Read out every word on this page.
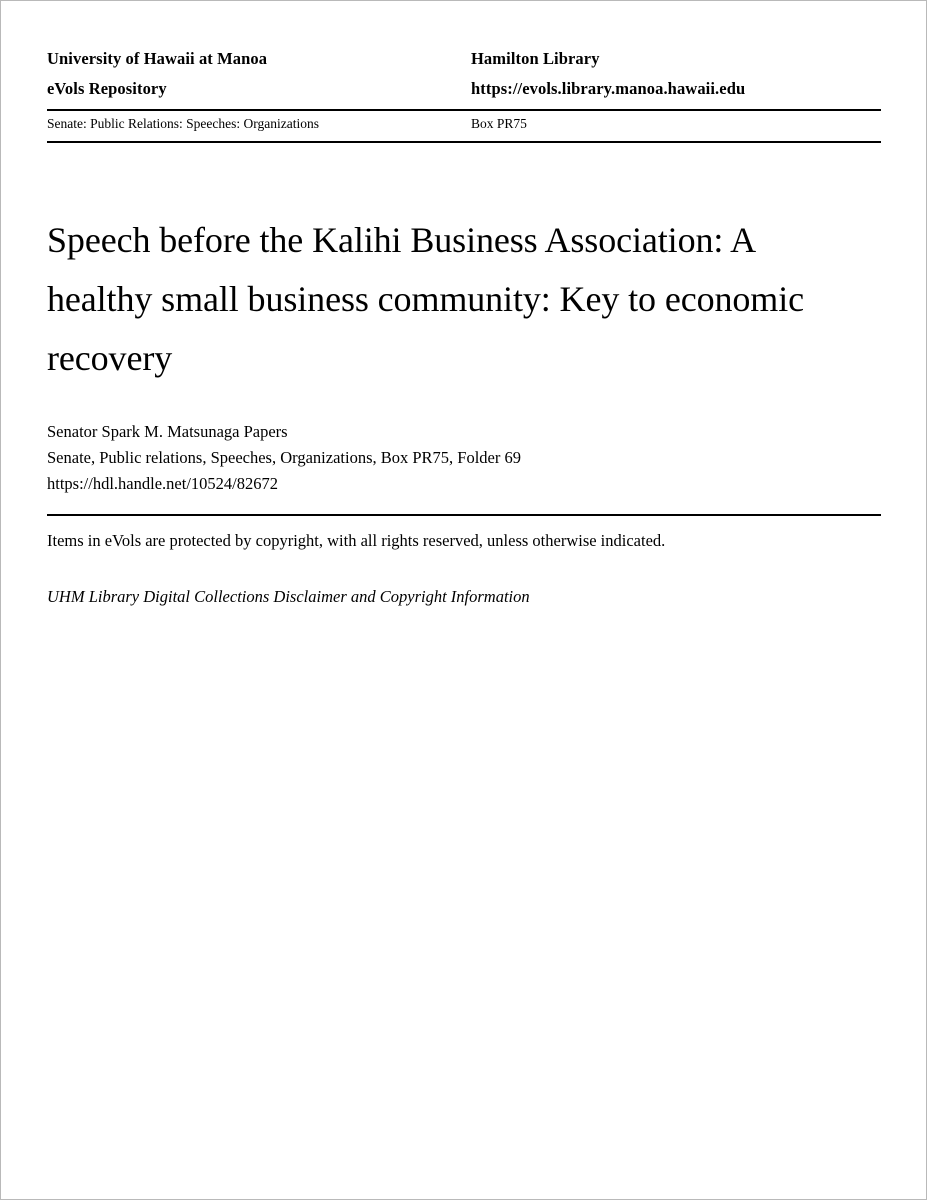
University of Hawaii at Manoa	Hamilton Library
eVols Repository	https://evols.library.manoa.hawaii.edu
Senate: Public Relations: Speeches: Organizations	Box PR75
Speech before the Kalihi Business Association: A healthy small business community: Key to economic recovery
Senator Spark M. Matsunaga Papers
Senate, Public relations, Speeches, Organizations, Box PR75, Folder 69
https://hdl.handle.net/10524/82672
Items in eVols are protected by copyright, with all rights reserved, unless otherwise indicated.
UHM Library Digital Collections Disclaimer and Copyright Information
